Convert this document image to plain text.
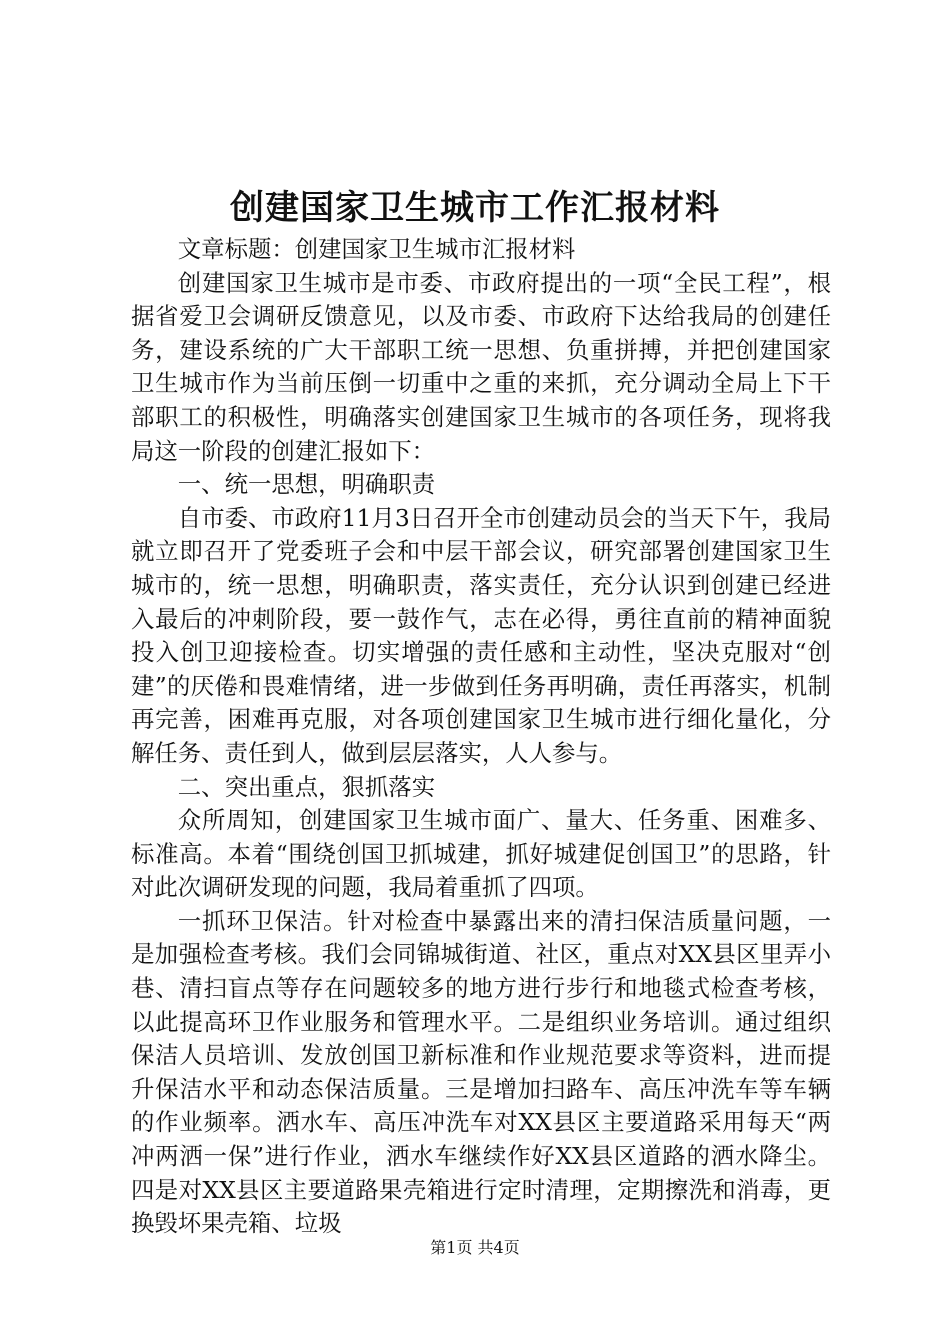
创建国家卫生城市工作汇报材料

文章标题：创建国家卫生城市汇报材料

创建国家卫生城市是市委、市政府提出的一项“全民工程”，根据省爱卫会调研反馈意见，以及市委、市政府下达给我局的创建任务，建设系统的广大干部职工统一思想、负重拼搏，并把创建国家卫生城市作为当前压倒一切重中之重的来抓，充分调动全局上下干部职工的积极性，明确落实创建国家卫生城市的各项任务，现将我局这一阶段的创建汇报如下：

一、统一思想，明确职责

自市委、市政府11月3日召开全市创建动员会的当天下午，我局就立即召开了党委班子会和中层干部会议，研究部署创建国家卫生城市的，统一思想，明确职责，落实责任，充分认识到创建已经进入最后的冲刺阶段，要一鼓作气，志在必得，勇往直前的精神面貌投入创卫迎接检查。切实增强的责任感和主动性，坚决克服对“创建”的厌倦和畏难情绪，进一步做到任务再明确，责任再落实，机制再完善，困难再克服，对各项创建国家卫生城市进行细化量化，分解任务、责任到人，做到层层落实，人人参与。

二、突出重点，狠抓落实

众所周知，创建国家卫生城市面广、量大、任务重、困难多、标准高。本着“围绕创国卫抓城建，抓好城建促创国卫”的思路，针对此次调研发现的问题，我局着重抓了四项。

一抓环卫保洁。针对检查中暴露出来的清扫保洁质量问题，一是加强检查考核。我们会同锦城街道、社区，重点对XX县区里弄小巷、清扫盲点等存在问题较多的地方进行步行和地毯式检查考核，以此提高环卫作业服务和管理水平。二是组织业务培训。通过组织保洁人员培训、发放创国卫新标准和作业规范要求等资料，进而提升保洁水平和动态保洁质量。三是增加扫路车、高压冲洗车等车辆的作业频率。洒水车、高压冲洗车对XX县区主要道路采用每天“两冲两洒一保”进行作业，洒水车继续作好XX县区道路的洒水降尘。四是对XX县区主要道路果壳箱进行定时清理，定期擦洗和消毒，更换毁坏果壳箱、垃圾

第1页 共4页
